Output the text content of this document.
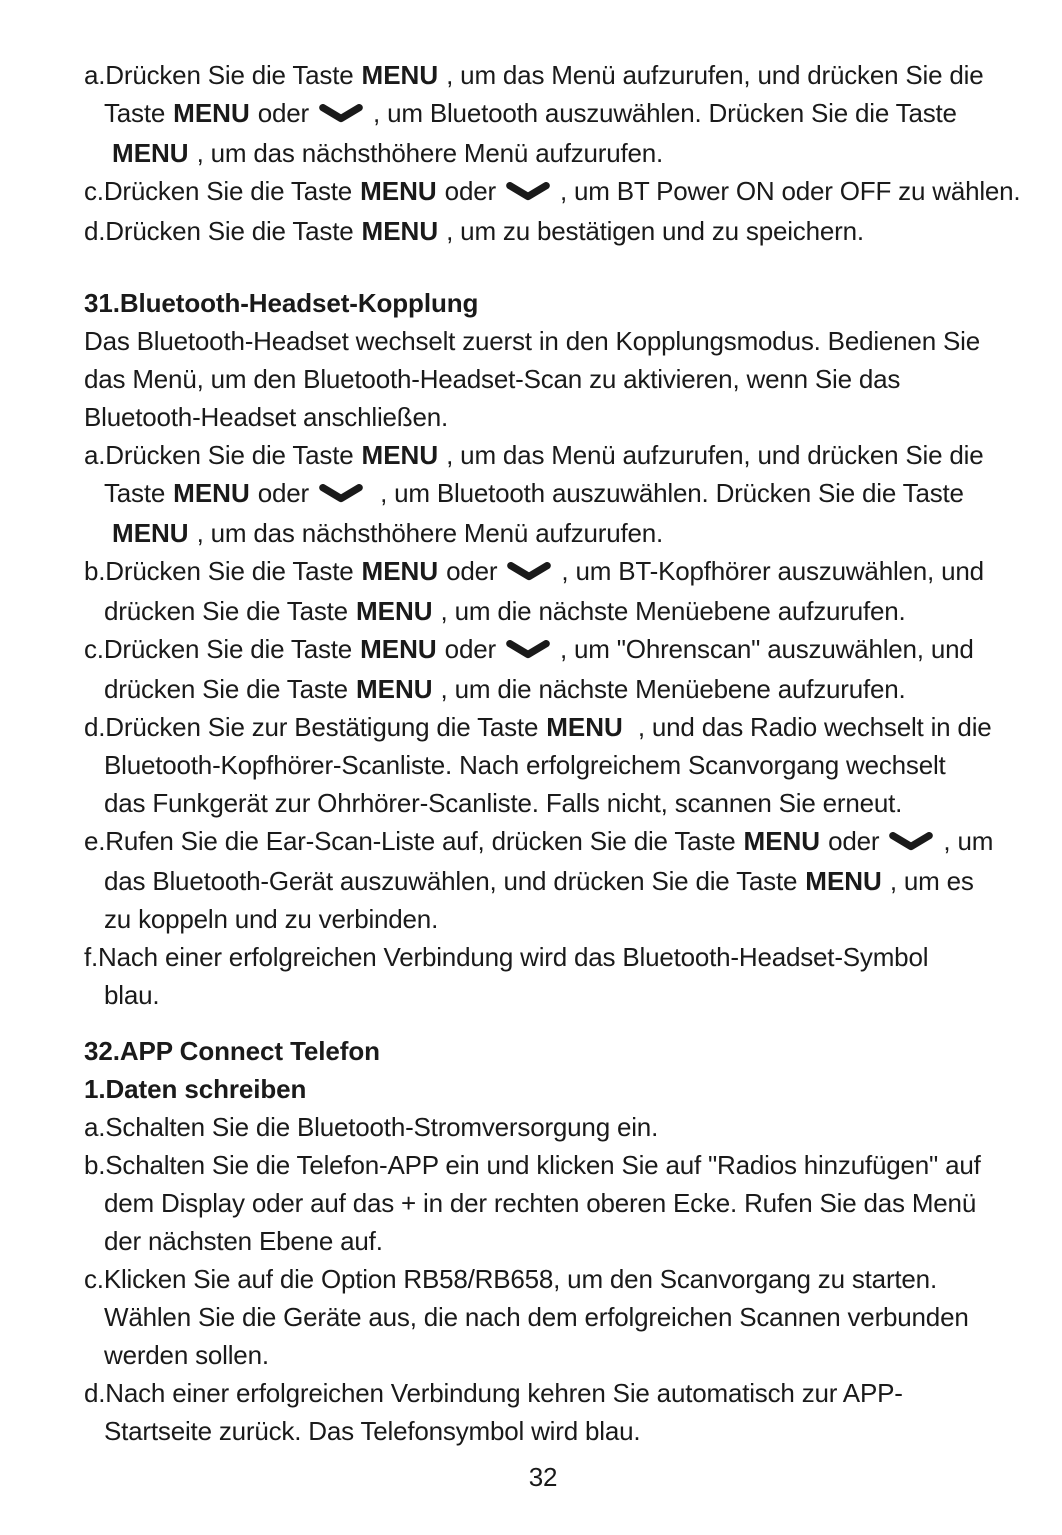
a.Drücken Sie die Taste MENU , um das Menü aufzurufen, und drücken Sie die
Taste MENU oder  , um Bluetooth auszuwählen. Drücken Sie die Taste
MENU , um das nächsthöhere Menü aufzurufen.
c.Drücken Sie die Taste MENU oder  , um BT Power ON oder OFF zu wählen.
d.Drücken Sie die Taste MENU , um zu bestätigen und zu speichern.
31.Bluetooth-Headset-Kopplung
Das Bluetooth-Headset wechselt zuerst in den Kopplungsmodus. Bedienen Sie
das Menü, um den Bluetooth-Headset-Scan zu aktivieren, wenn Sie das
Bluetooth-Headset anschließen.
a.Drücken Sie die Taste MENU , um das Menü aufzurufen, und drücken Sie die
Taste MENU oder   , um Bluetooth auszuwählen. Drücken Sie die Taste
MENU , um das nächsthöhere Menü aufzurufen.
b.Drücken Sie die Taste MENU oder  , um BT-Kopfhörer auszuwählen, und
drücken Sie die Taste MENU , um die nächste Menüebene aufzurufen.
c.Drücken Sie die Taste MENU oder  , um "Ohrenscan" auszuwählen, und
drücken Sie die Taste MENU , um die nächste Menüebene aufzurufen.
d.Drücken Sie zur Bestätigung die Taste MENU  , und das Radio wechselt in die
Bluetooth-Kopfhörer-Scanliste. Nach erfolgreichem Scanvorgang wechselt
das Funkgerät zur Ohrhörer-Scanliste. Falls nicht, scannen Sie erneut.
e.Rufen Sie die Ear-Scan-Liste auf, drücken Sie die Taste MENU oder  , um
das Bluetooth-Gerät auszuwählen, und drücken Sie die Taste MENU , um es
zu koppeln und zu verbinden.
f.Nach einer erfolgreichen Verbindung wird das Bluetooth-Headset-Symbol
blau.
32.APP Connect Telefon
1.Daten schreiben
a.Schalten Sie die Bluetooth-Stromversorgung ein.
b.Schalten Sie die Telefon-APP ein und klicken Sie auf "Radios hinzufügen" auf
dem Display oder auf das + in der rechten oberen Ecke. Rufen Sie das Menü
der nächsten Ebene auf.
c.Klicken Sie auf die Option RB58/RB658, um den Scanvorgang zu starten.
Wählen Sie die Geräte aus, die nach dem erfolgreichen Scannen verbunden
werden sollen.
d.Nach einer erfolgreichen Verbindung kehren Sie automatisch zur APP-
Startseite zurück. Das Telefonsymbol wird blau.
32
